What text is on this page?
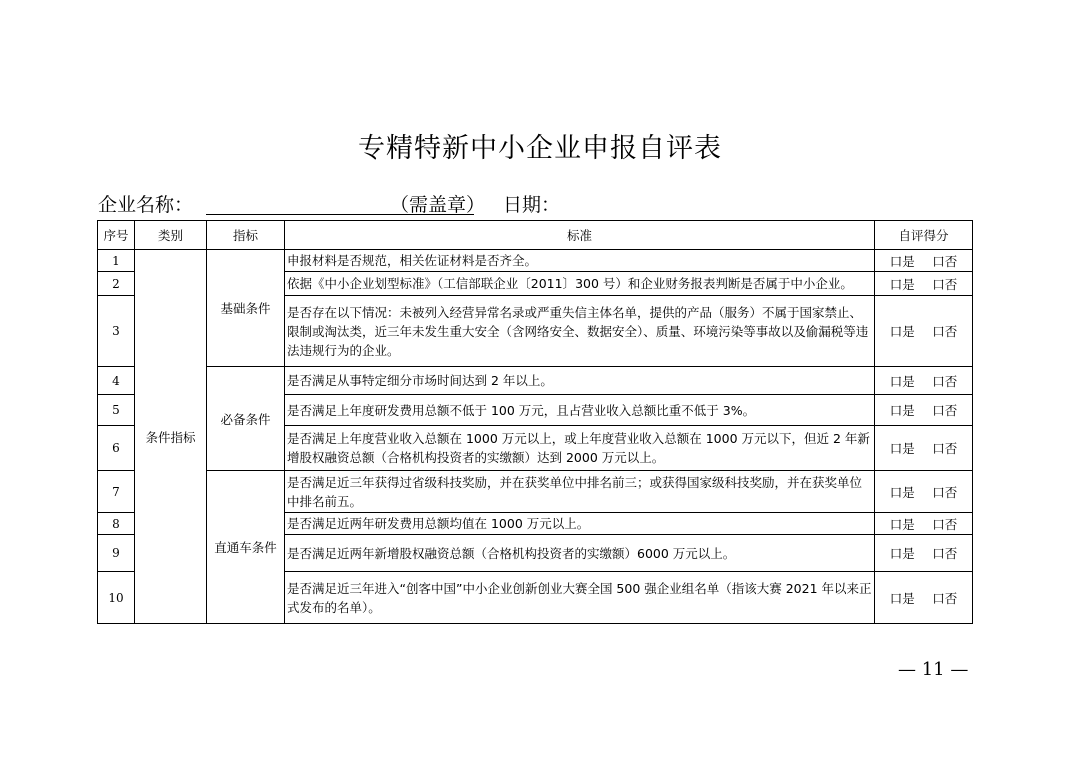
专精特新中小企业申报自评表
企业名称：	（需盖章） 日期：
序号	类别	指标	标准	自评得分
1	条件指标	基础条件	申报材料是否规范，相关佐证材料是否齐全。	口是 口否

2			依据《中小企业划型标准》（工信部联企业〔2011〕300 号）和企业财务报表判断是否属于中小企业。	口是 口否

3			是否存在以下情况：未被列入经营异常名录或严重失信主体名单，提供的产品（服务）不属于国家禁止、限制或淘汰类，近三年未发生重大安全（含网络安全、数据安全）、质量、环境污染等事故以及偷漏税等违法违规行为的企业。	口是 口否

4		必备条件	是否满足从事特定细分市场时间达到 2 年以上。	口是 口否

5			是否满足上年度研发费用总额不低于 100 万元，且占营业收入总额比重不低于 3%。	口是 口否

6			是否满足上年度营业收入总额在 1000 万元以上，或上年度营业收入总额在 1000 万元以下，但近 2 年新增股权融资总额（合格机构投资者的实缴额）达到 2000 万元以上。	口是 口否

7		直通车条件	是否满足近三年获得过省级科技奖励，并在获奖单位中排名前三；或获得国家级科技奖励，并在获奖单位中排名前五。	口是 口否

8			是否满足近两年研发费用总额均值在 1000 万元以上。	口是 口否

9			是否满足近两年新增股权融资总额（合格机构投资者的实缴额）6000 万元以上。	口是 口否

10			是否满足近三年进入“创客中国”中小企业创新创业大赛全国 500 强企业组名单（指该大赛 2021 年以来正式发布的名单）。	口是 口否
— 11 —
